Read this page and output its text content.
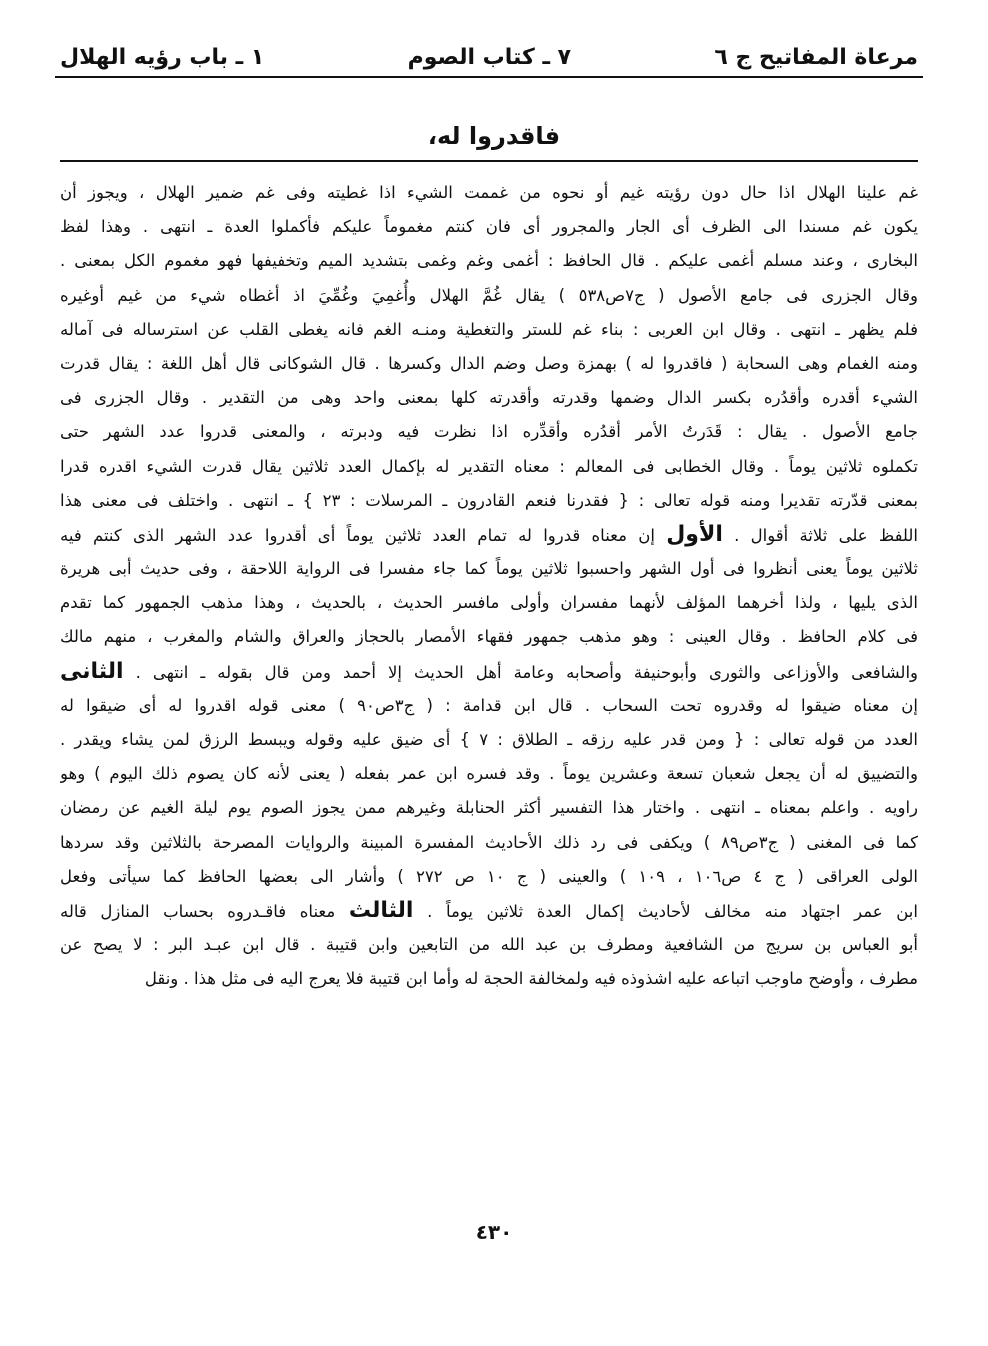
مرعاة المفاتيح ج ٦
٧ ـ كتاب الصوم
١ ـ باب رؤيه الهلال
فاقدروا له،
غم علينا الهلال اذا حال دون رؤيته غيم أو نحوه من غممت الشيء اذا غطيته وفى غم ضمير الهلال ، ويجوز أن
يكون غم مسندا الى الظرف أى الجار والمجرور أى فان كنتم مغموماً عليكم فأكملوا العدة ـ انتهى . وهذا لفظ
البخارى ، وعند مسلم أغمى عليكم . قال الحافظ : أغمى وغم وغمى بتشديد الميم وتخفيفها فهو مغموم الكل بمعنى .
وقال الجزرى فى جامع الأصول ( ج٧ص٥٣٨ ) يقال غُمَّ الهلال وأُغمِيَ وغُمِّيَ اذ أغطاه شيء من غيم أوغيره
فلم يظهر ـ انتهى . وقال ابن العربى : بناء غم للستر والتغطية ومنـه الغم فانه يغطى القلب عن استرساله فى آماله
ومنه الغمام وهى السحابة ( فاقدروا له ) بهمزة وصل وضم الدال وكسرها . قال الشوكانى قال أهل اللغة : يقال قدرت
الشيء أقدره وأقدُره بكسر الدال وضمها وقدرته وأقدرته كلها بمعنى واحد وهى من التقدير . وقال الجزرى فى
جامع الأصول . يقال : قَدَرتُ الأمر أقدُره وأقدِّره اذا نظرت فيه ودبرته ، والمعنى قدروا عدد الشهر حتى
تكملوه ثلاثين يوماً . وقال الخطابى فى المعالم : معناه التقدير له بإكمال العدد ثلاثين يقال قدرت الشيء اقدره قدرا
بمعنى قدّرته تقديرا ومنه قوله تعالى : { فقدرنا فنعم القادرون ـ المرسلات : ٢٣ } ـ انتهى . واختلف فى معنى هذا
اللفظ على ثلاثة أقوال . الأول إن معناه قدروا له تمام العدد ثلاثين يوماً أى أقدروا عدد الشهر الذى كنتم فيه
ثلاثين يوماً يعنى أنظروا فى أول الشهر واحسبوا ثلاثين يوماً كما جاء مفسرا فى الرواية اللاحقة ، وفى حديث أبى هريرة
الذى يليها ، ولذا أخرهما المؤلف لأنهما مفسران وأولى مافسر الحديث ، بالحديث ، وهذا مذهب الجمهور كما تقدم
فى كلام الحافظ . وقال العينى : وهو مذهب جمهور فقهاء الأمصار بالحجاز والعراق والشام والمغرب ، منهم مالك
والشافعى والأوزاعى والثورى وأبوحنيفة وأصحابه وعامة أهل الحديث إلا أحمد ومن قال بقوله ـ انتهى . الثانى
إن معناه ضيقوا له وقدروه تحت السحاب . قال ابن قدامة : ( ج٣ص٩٠ ) معنى قوله اقدروا له أى ضيقوا له
العدد من قوله تعالى : { ومن قدر عليه رزقه ـ الطلاق : ٧ } أى ضيق عليه وقوله ويبسط الرزق لمن يشاء ويقدر .
والتضييق له أن يجعل شعبان تسعة وعشرين يوماً . وقد فسره ابن عمر بفعله ( يعنى لأنه كان يصوم ذلك اليوم ) وهو
راويه . واعلم بمعناه ـ انتهى . واختار هذا التفسير أكثر الحنابلة وغيرهم ممن يجوز الصوم يوم ليلة الغيم عن رمضان
كما فى المغنى ( ج٣ص٨٩ ) ويكفى فى رد ذلك الأحاديث المفسرة المبينة والروايات المصرحة بالثلاثين وقد سردها
الولى العراقى ( ج ٤ ص١٠٦ ، ١٠٩ ) والعينى ( ج ١٠ ص ٢٧٢ ) وأشار الى بعضها الحافظ كما سيأتى وفعل
ابن عمر اجتهاد منه مخالف لأحاديث إكمال العدة ثلاثين يوماً . الثالث معناه فاقـدروه بحساب المنازل قاله
أبو العباس بن سريج من الشافعية ومطرف بن عبد الله من التابعين وابن قتيبة . قال ابن عبـد البر : لا يصح عن
مطرف ، وأوضح ماوجب اتباعه عليه اشذوذه فيه ولمخالفة الحجة له وأما ابن قتيبة فلا يعرج اليه فى مثل هذا . ونقل
٤٣٠
